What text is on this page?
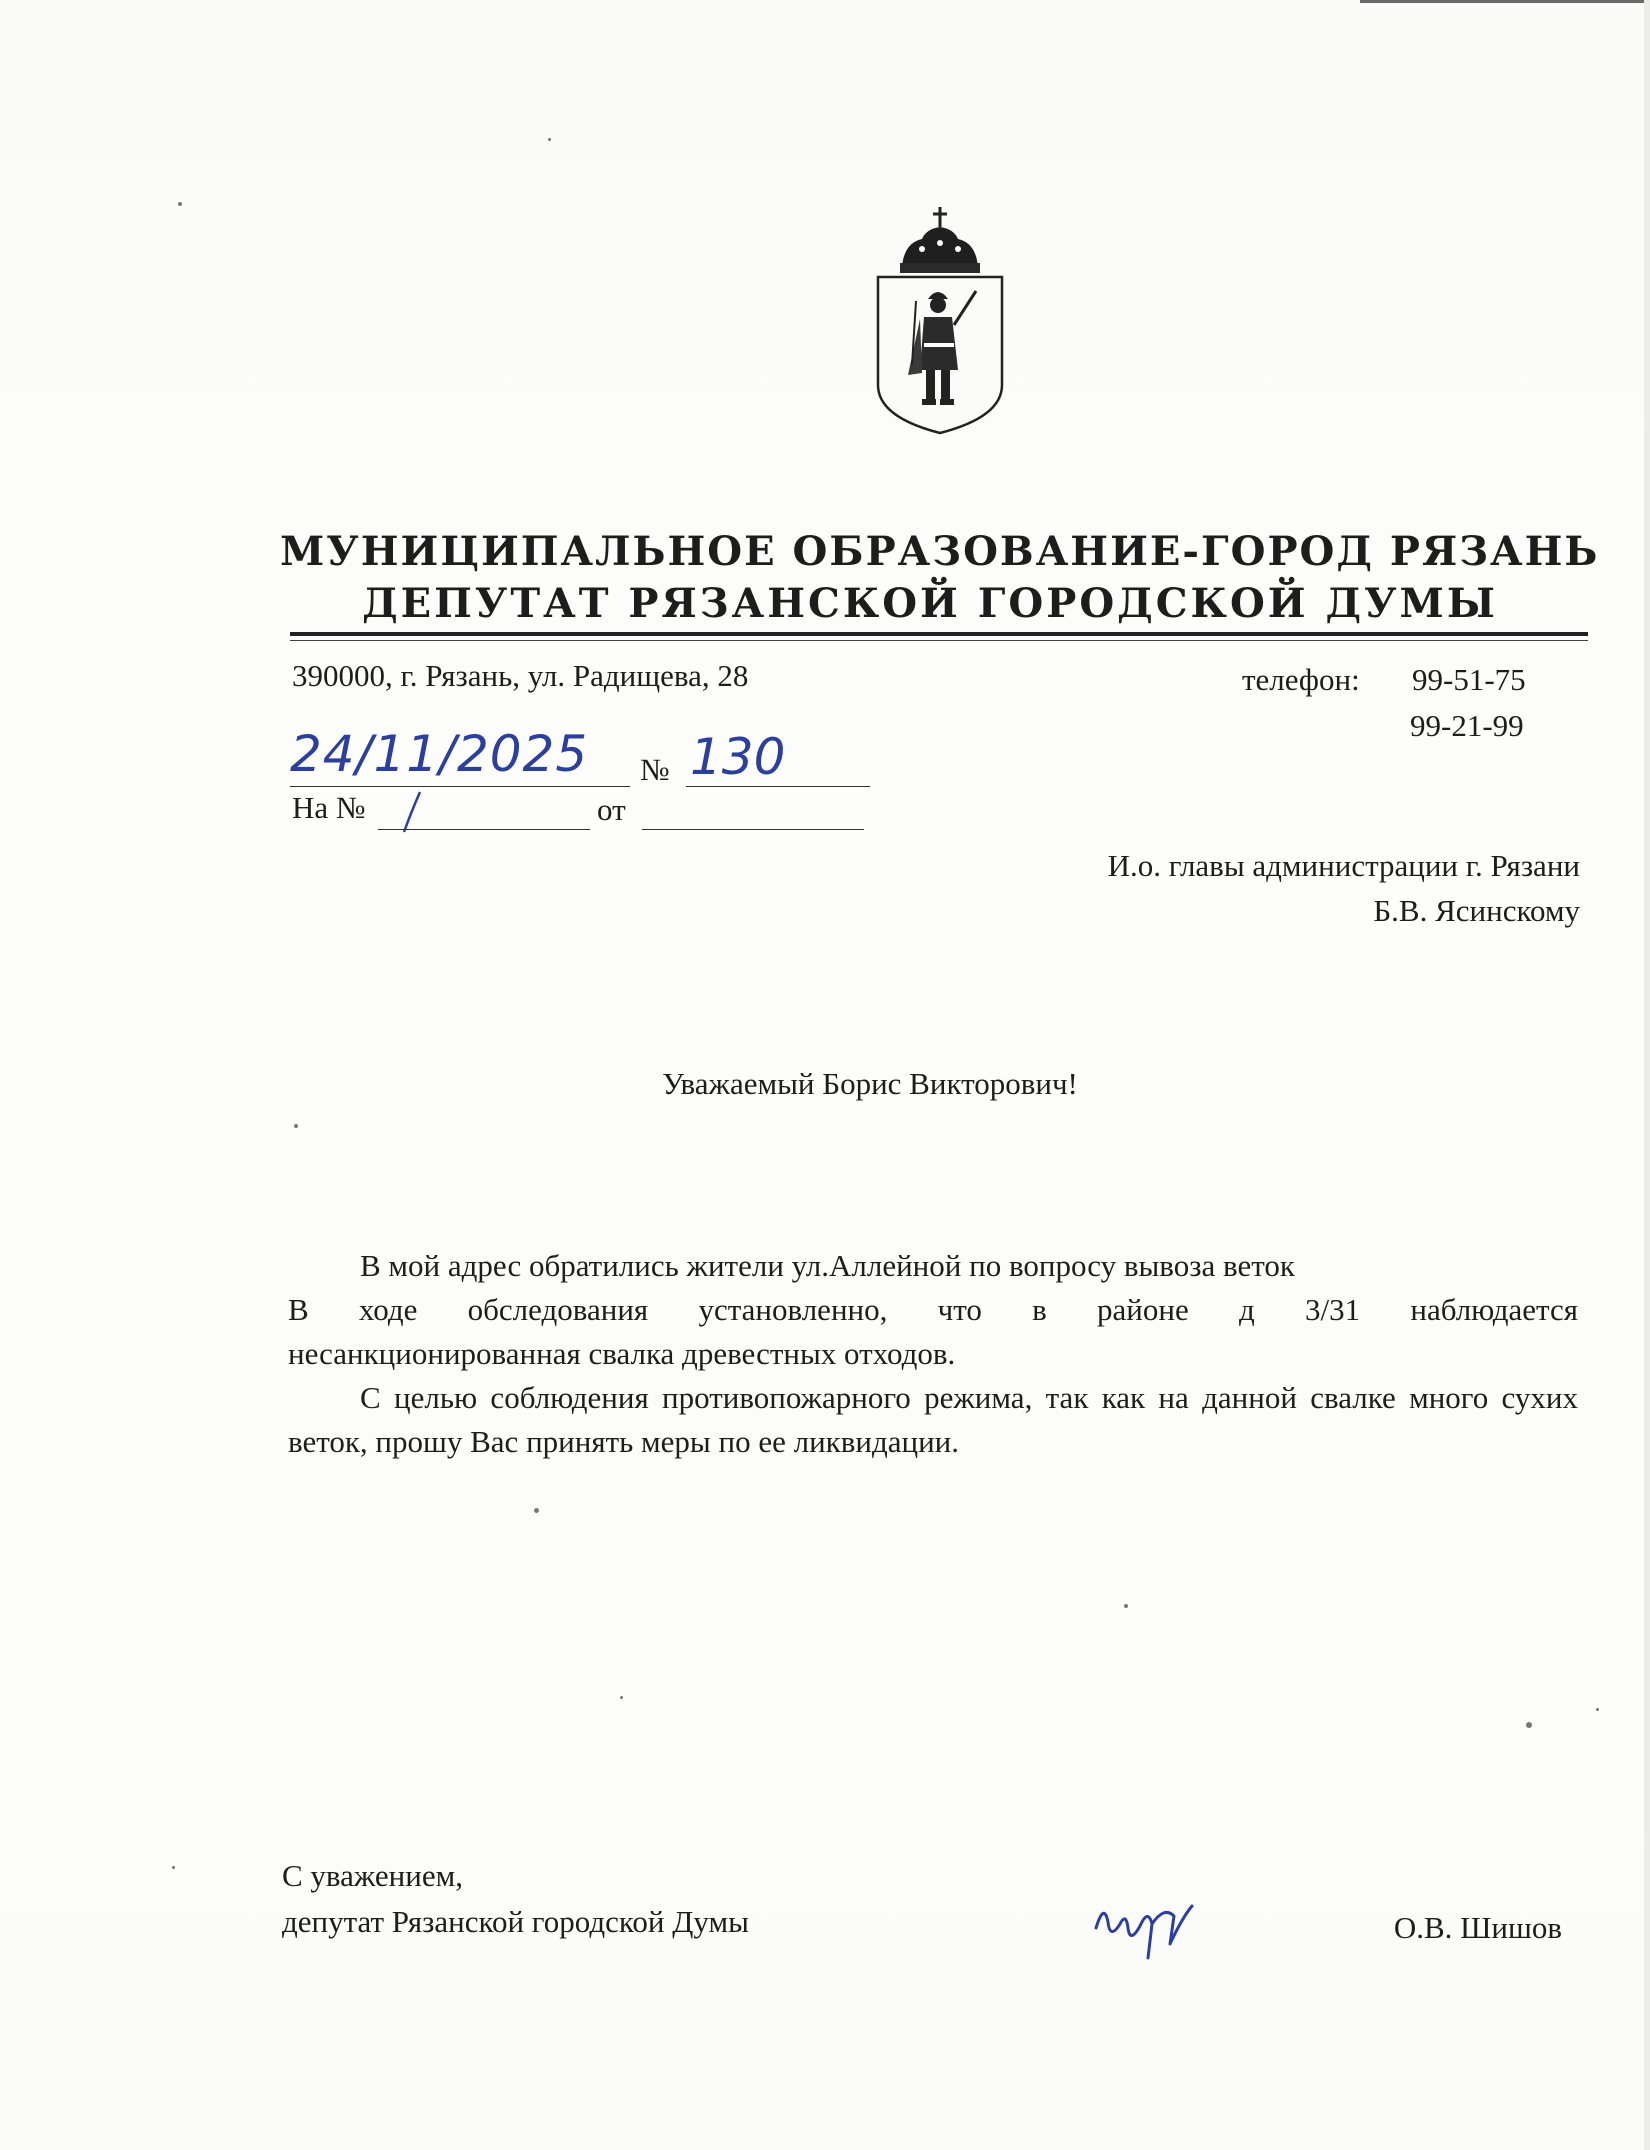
МУНИЦИПАЛЬНОЕ ОБРАЗОВАНИЕ-ГОРОД РЯЗАНЬ
ДЕПУТАТ РЯЗАНСКОЙ ГОРОДСКОЙ ДУМЫ
390000, г. Рязань, ул. Радищева, 28	телефон: 99-51-75
99-21-99
24/11/2025 № 130
На №	от
И.о. главы администрации г. Рязани
Б.В. Ясинскому
Уважаемый Борис Викторович!

В мой адрес обратились жители ул.Аллейной по вопросу вывоза веток

В ходе обследования установленно, что в районе д 3/31 наблюдается

несанкционированная свалка древестных отходов.

С целью соблюдения противопожарного режима, так как на данной свалке много сухих веток, прошу Вас принять меры по ее ликвидации.

С уважением,
депутат Рязанской городской Думы	О.В. Шишов
